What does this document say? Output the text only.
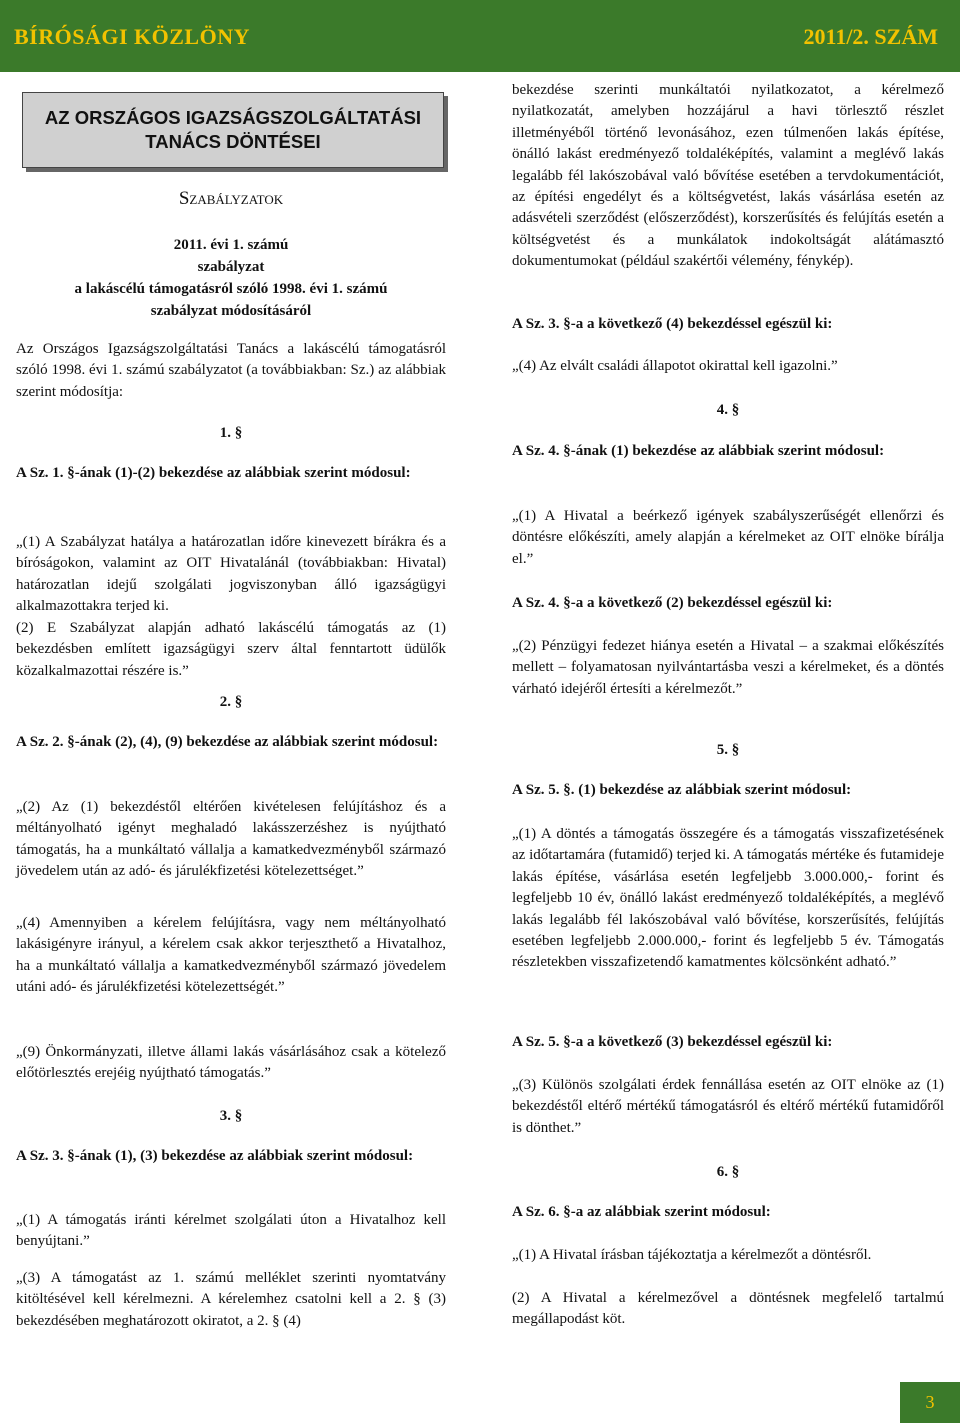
BÍRÓSÁGI KÖZLÖNY	2011/2. SZÁM
AZ ORSZÁGOS IGAZSÁGSZOLGÁLTATÁSI
TANÁCS DÖNTÉSEI
Szabályzatok
2011. évi 1. számú
szabályzat
a lakáscélú támogatásról szóló 1998. évi 1. számú
szabályzat módosításáról
Az Országos Igazságszolgáltatási Tanács a lakáscélú támogatásról szóló 1998. évi 1. számú szabályzatot (a továbbiakban: Sz.) az alábbiak szerint módosítja:
1. §
A Sz. 1. §-ának (1)-(2) bekezdése az alábbiak szerint módosul:
„(1) A Szabályzat hatálya a határozatlan időre kinevezett bírákra és a bíróságokon, valamint az OIT Hivatalánál (továbbiakban: Hivatal) határozatlan idejű szolgálati jogviszonyban álló igazságügyi alkalmazottakra terjed ki.
(2) E Szabályzat alapján adható lakáscélú támogatás az (1) bekezdésben említett igazságügyi szerv által fenntartott üdülők közalkalmazottai részére is.”
2. §
A Sz. 2. §-ának (2), (4), (9) bekezdése az alábbiak szerint módosul:
„(2) Az (1) bekezdéstől eltérően kivételesen felújításhoz és a méltányolható igényt meghaladó lakásszerzéshez is nyújtható támogatás, ha a munkáltató vállalja a kamatkedvezményből származó jövedelem után az adó- és járulékfizetési kötelezettséget.”
„(4) Amennyiben a kérelem felújításra, vagy nem méltányolható lakásigényre irányul, a kérelem csak akkor terjeszthető a Hivatalhoz, ha a munkáltató vállalja a kamatkedvezményből származó jövedelem utáni adó- és járulékfizetési kötelezettségét.”
„(9) Önkormányzati, illetve állami lakás vásárlásához csak a kötelező előtörlesztés erejéig nyújtható támogatás.”
3. §
A Sz. 3. §-ának (1), (3) bekezdése az alábbiak szerint módosul:
„(1) A támogatás iránti kérelmet szolgálati úton a Hivatalhoz kell benyújtani.”
„(3) A támogatást az 1. számú melléklet szerinti nyomtatvány kitöltésével kell kérelmezni. A kérelemhez csatolni kell a 2. § (3) bekezdésében meghatározott okiratot, a 2. § (4)
bekezdése szerinti munkáltatói nyilatkozatot, a kérelmező nyilatkozatát, amelyben hozzájárul a havi törlesztő részlet illetményéből történő levonásához, ezen túlmenően lakás építése, önálló lakást eredményező toldaléképítés, valamint a meglévő lakás legalább fél lakószobával való bővítése esetében a tervdokumentációt, az építési engedélyt és a költségvetést, lakás vásárlása esetén az adásvételi szerződést (előszerződést), korszerűsítés és felújítás esetén a költségvetést és a munkálatok indokoltságát alátámasztó dokumentumokat (például szakértői vélemény, fénykép).
A Sz. 3. §-a a következő (4) bekezdéssel egészül ki:
„(4) Az elvált családi állapotot okirattal kell igazolni.”
4. §
A Sz. 4. §-ának (1) bekezdése az alábbiak szerint módosul:
„(1) A Hivatal a beérkező igények szabályszerűségét ellenőrzi és döntésre előkészíti, amely alapján a kérelmeket az OIT elnöke bírálja el.”
A Sz. 4. §-a a következő (2) bekezdéssel egészül ki:
„(2) Pénzügyi fedezet hiánya esetén a Hivatal – a szakmai előkészítés mellett – folyamatosan nyilvántartásba veszi a kérelmeket, és a döntés várható idejéről értesíti a kérelmezőt.”
5. §
A Sz. 5. §. (1) bekezdése az alábbiak szerint módosul:
„(1) A döntés a támogatás összegére és a támogatás visszafizetésének az időtartamára (futamidő) terjed ki. A támogatás mértéke és futamideje lakás építése, vásárlása esetén legfeljebb 3.000.000,- forint és legfeljebb 10 év, önálló lakást eredményező toldaléképítés, a meglévő lakás legalább fél lakószobával való bővítése, korszerűsítés, felújítás esetében legfeljebb 2.000.000,- forint és legfeljebb 5 év. Támogatás részletekben visszafizetendő kamatmentes kölcsönként adható.”
A Sz. 5. §-a a következő (3) bekezdéssel egészül ki:
„(3) Különös szolgálati érdek fennállása esetén az OIT elnöke az (1) bekezdéstől eltérő mértékű támogatásról és eltérő mértékű futamidőről is dönthet.”
6. §
A Sz. 6. §-a az alábbiak szerint módosul:
„(1) A Hivatal írásban tájékoztatja a kérelmezőt a döntésről.
(2) A Hivatal a kérelmezővel a döntésnek megfelelő tartalmú megállapodást köt.
3
